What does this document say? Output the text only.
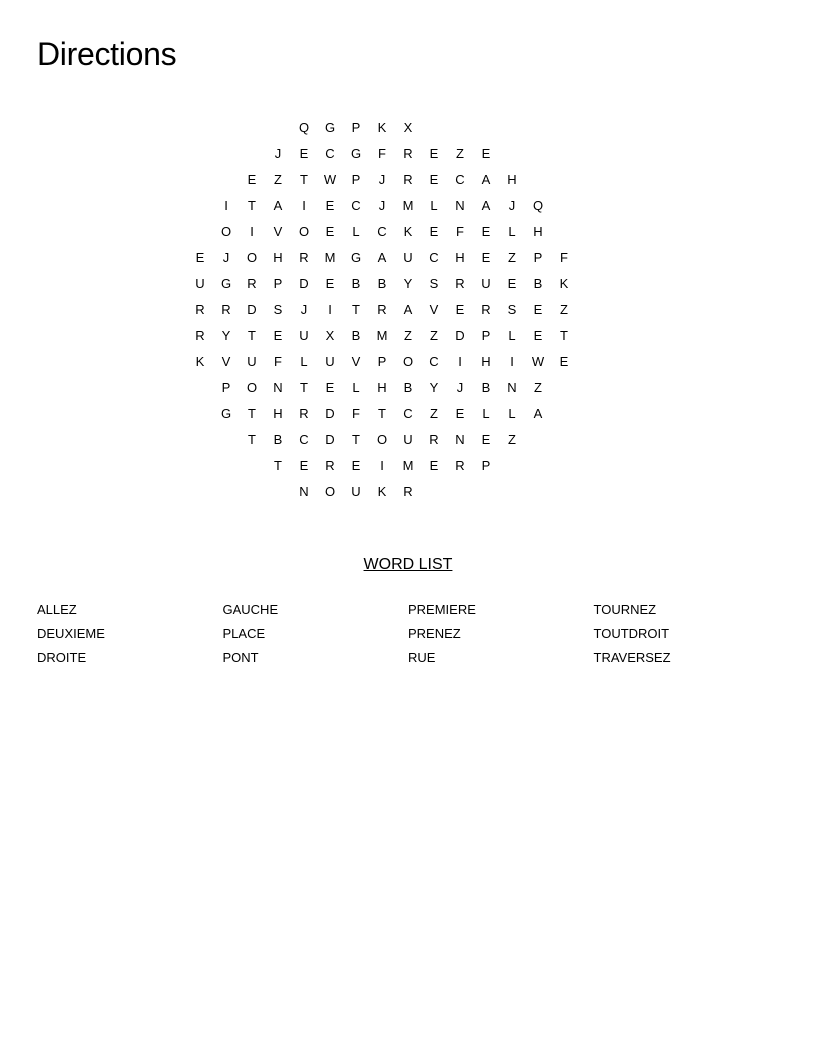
Directions
Q	G	P	K	X
J	E	C	G	F	R	E	Z	E
E	Z	T	W	P	J	R	E	C	A	H
I	T	A	I	E	C	J	M	L	N	A	J	Q
O	I	V	O	E	L	C	K	E	F	E	L	H
E	J	O	H	R	M	G	A	U	C	H	E	Z	P	F
U	G	R	P	D	E	B	B	Y	S	R	U	E	B	K
R	R	D	S	J	I	T	R	A	V	E	R	S	E	Z
R	Y	T	E	U	X	B	M	Z	Z	D	P	L	E	T
K	V	U	F	L	U	V	P	O	C	I	H	I	W	E
P	O	N	T	E	L	H	B	Y	J	B	N	Z
G	T	H	R	D	F	T	C	Z	E	L	L	A
T	B	C	D	T	O	U	R	N	E	Z
T	E	R	E	I	M	E	R	P
N	O	U	K	R
WORD LIST
ALLEZ	GAUCHE	PREMIERE	TOURNEZ
DEUXIEME	PLACE	PRENEZ	TOUTDROIT
DROITE	PONT	RUE	TRAVERSEZ
